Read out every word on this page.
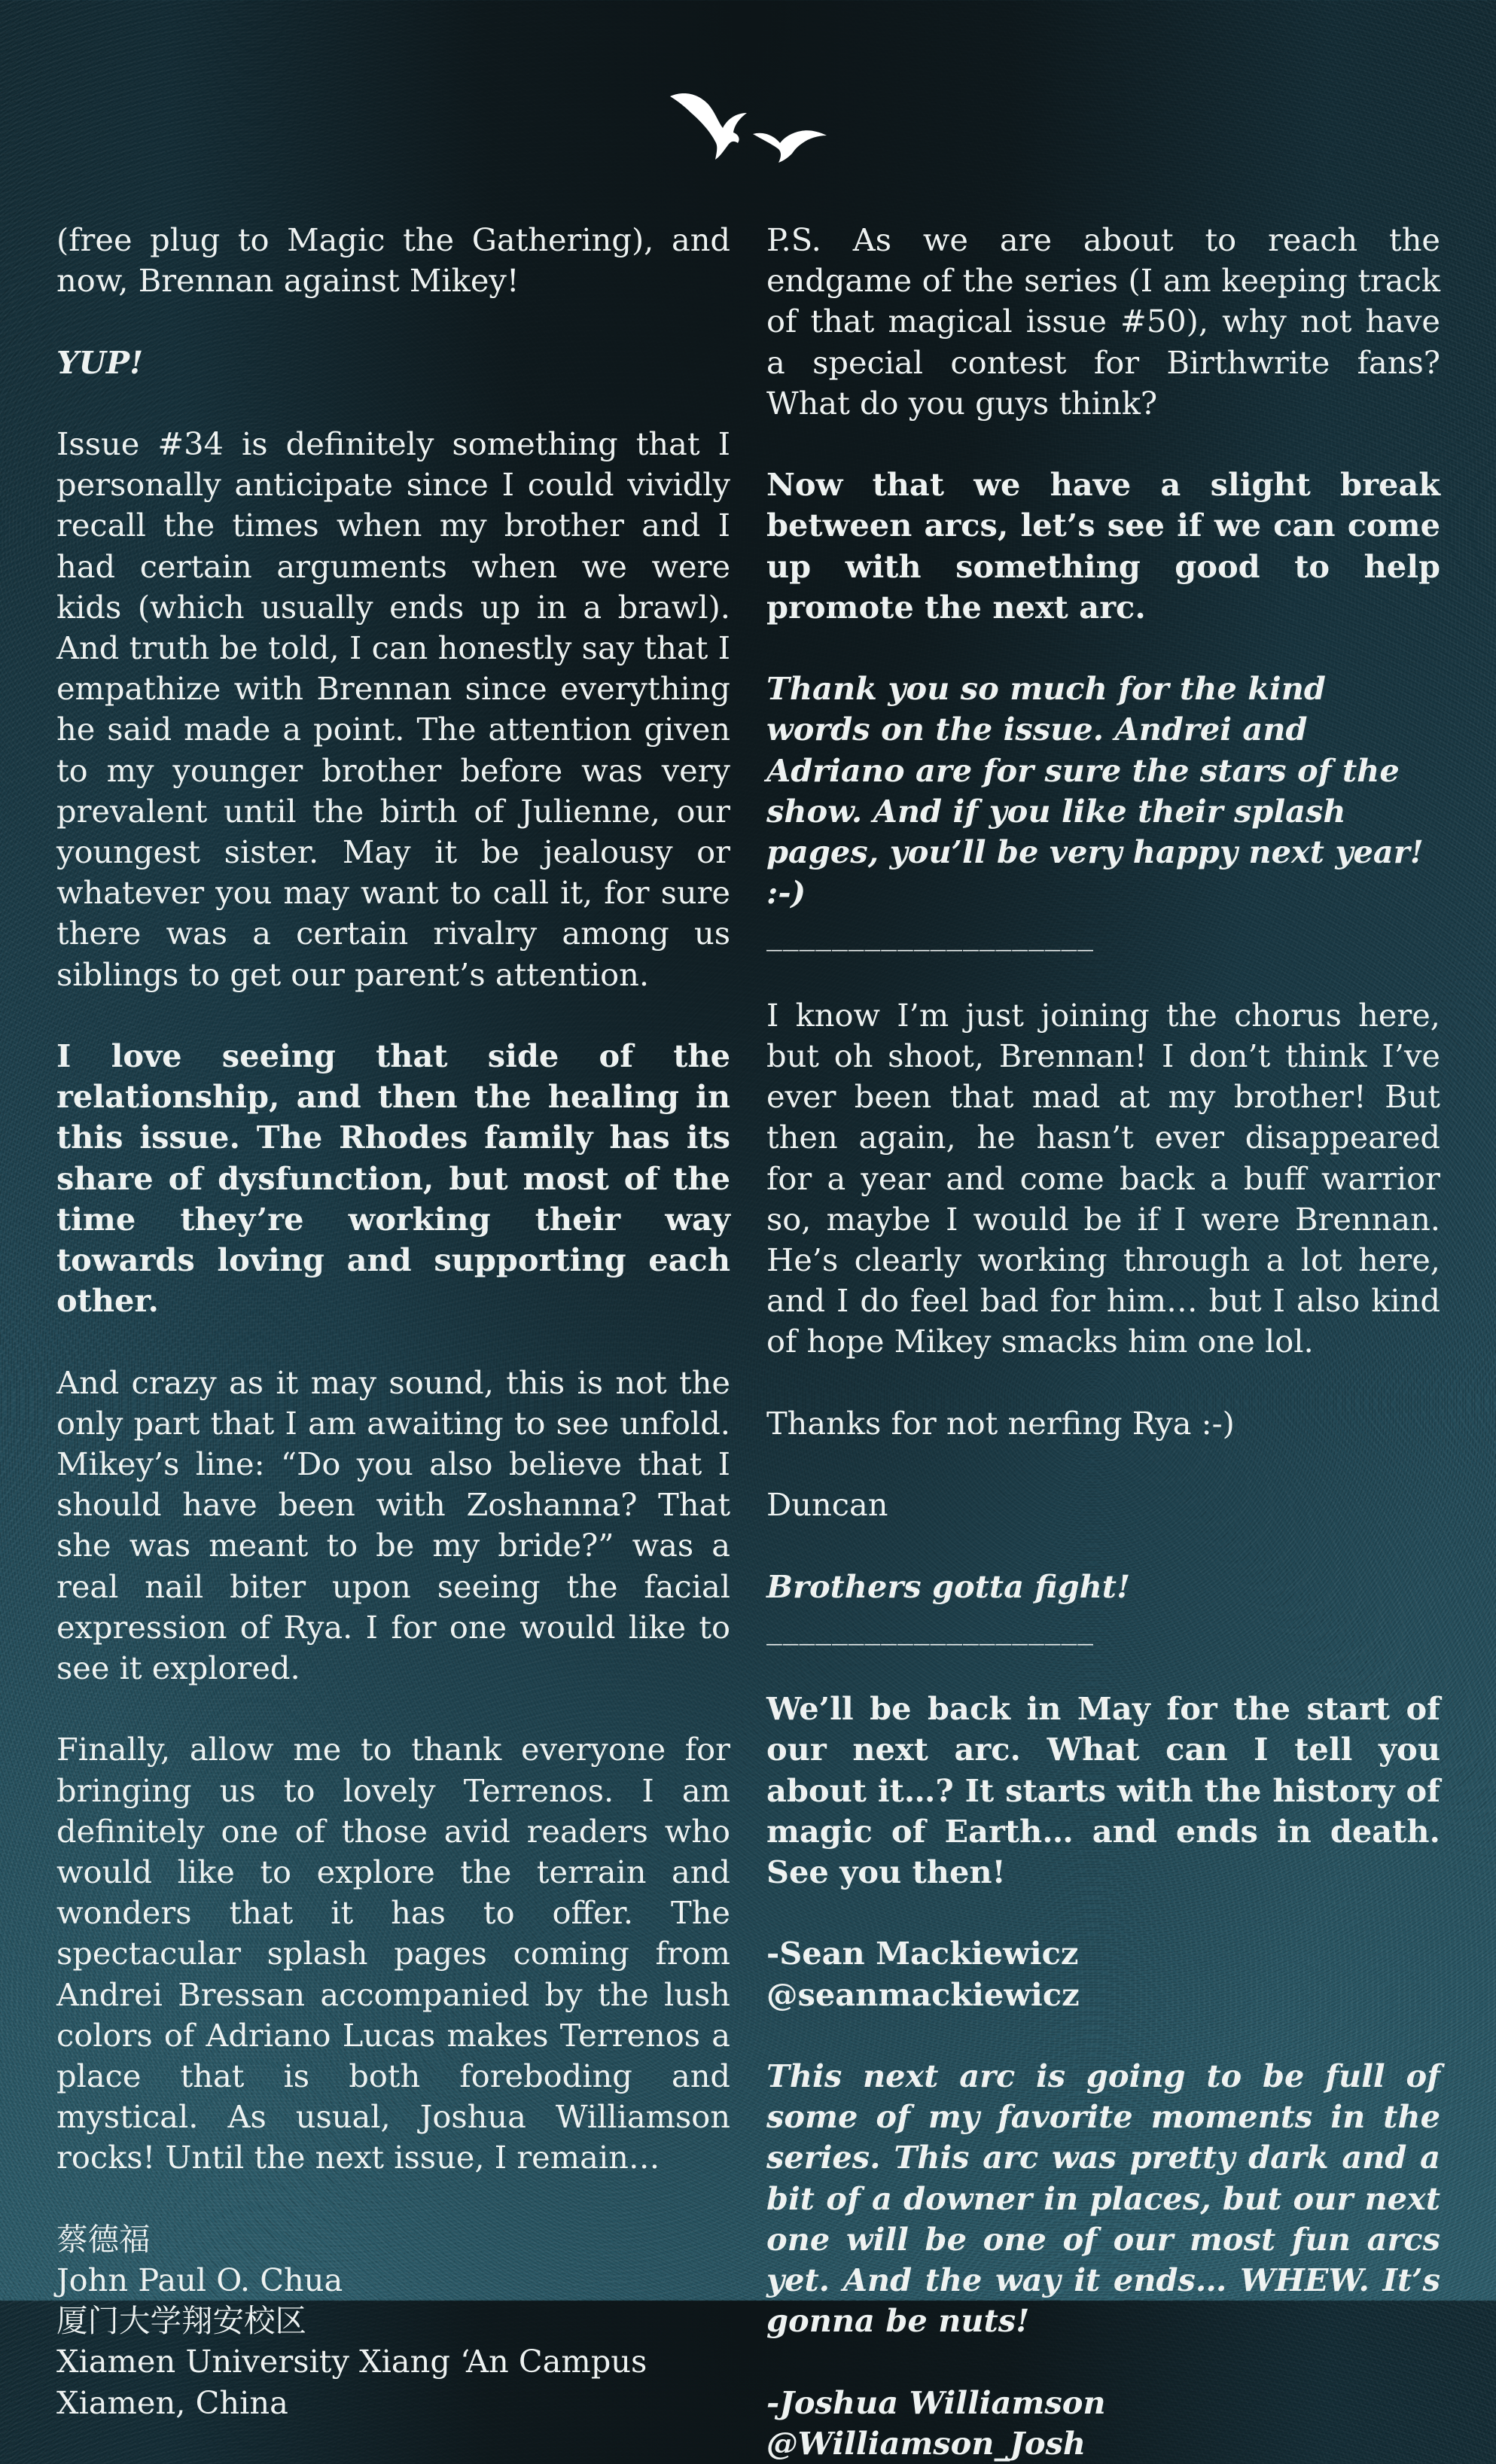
(free plug to Magic the Gathering), and now, Brennan against Mikey!

YUP!

Issue #34 is definitely something that I personally anticipate since I could vividly recall the times when my brother and I had certain arguments when we were kids (which usually ends up in a brawl). And truth be told, I can honestly say that I empathize with Brennan since everything he said made a point. The attention given to my younger brother before was very prevalent until the birth of Julienne, our youngest sister. May it be jealousy or whatever you may want to call it, for sure there was a certain rivalry among us siblings to get our parent’s attention.

I love seeing that side of the relationship, and then the healing in this issue. The Rhodes family has its share of dysfunction, but most of the time they’re working their way towards loving and supporting each other.

And crazy as it may sound, this is not the only part that I am awaiting to see unfold. Mikey’s line: “Do you also believe that I should have been with Zoshanna? That she was meant to be my bride?” was a real nail biter upon seeing the facial expression of Rya. I for one would like to see it explored.

Finally, allow me to thank everyone for bringing us to lovely Terrenos. I am definitely one of those avid readers who would like to explore the terrain and wonders that it has to offer. The spectacular splash pages coming from Andrei Bressan accompanied by the lush colors of Adriano Lucas makes Terrenos a place that is both foreboding and mystical. As usual, Joshua Williamson rocks! Until the next issue, I remain…

蔡德福
John Paul O. Chua
厦门大学翔安校区
Xiamen University Xiang ‘An Campus
Xiamen, China

P.S. As we are about to reach the endgame of the series (I am keeping track of that magical issue #50), why not have a special contest for Birthwrite fans? What do you guys think?

Now that we have a slight break between arcs, let’s see if we can come up with something good to help promote the next arc.

Thank you so much for the kind words on the issue. Andrei and Adriano are for sure the stars of the show. And if you like their splash pages, you’ll be very happy next year! :-)

____________________

I know I’m just joining the chorus here, but oh shoot, Brennan! I don’t think I’ve ever been that mad at my brother! But then again, he hasn’t ever disappeared for a year and come back a buff warrior so, maybe I would be if I were Brennan. He’s clearly working through a lot here, and I do feel bad for him… but I also kind of hope Mikey smacks him one lol.

Thanks for not nerfing Rya :-)

Duncan

Brothers gotta fight!

____________________

We’ll be back in May for the start of our next arc. What can I tell you about it…? It starts with the history of magic of Earth… and ends in death. See you then!

-Sean Mackiewicz
@seanmackiewicz

This next arc is going to be full of some of my favorite moments in the series. This arc was pretty dark and a bit of a downer in places, but our next one will be one of our most fun arcs yet. And the way it ends… WHEW. It’s gonna be nuts!

-Joshua Williamson
@Williamson_Josh
